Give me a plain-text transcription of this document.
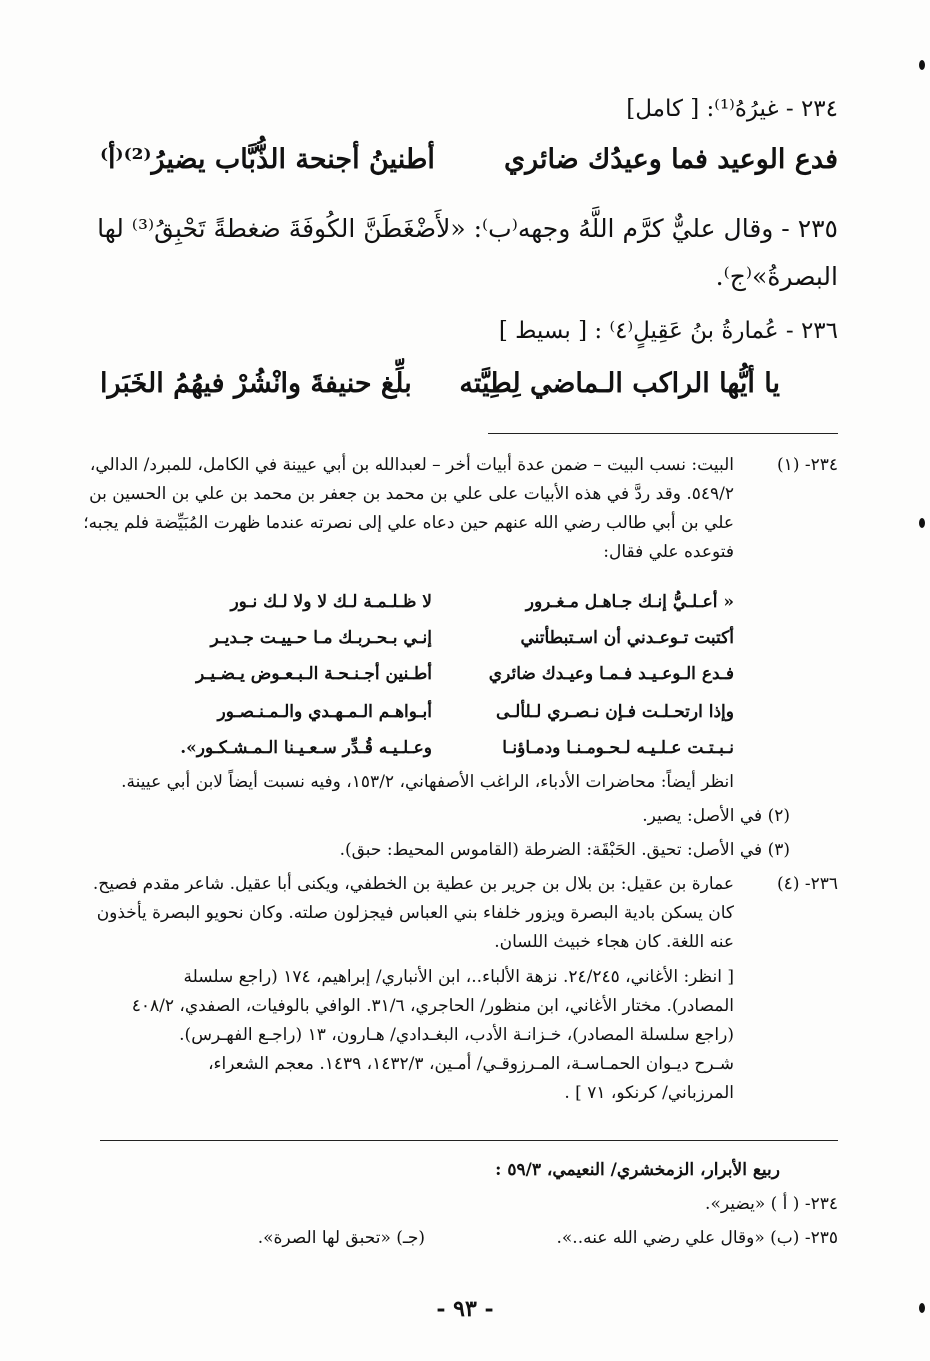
٢٣٤ - غيرُهُ⁽¹⁾: [ كامل]
فدع الوعيد فما وعيدُك ضائري
أطنينُ أجنحة الذُّبَّاب يضيرُ⁽²⁾⁽أ⁾
٢٣٥ - وقال عليٌّ كرَّم اللَّهُ وجهه⁽ب⁾: «لأَضْغَطَنَّ الكُوفَةَ ضغطةً تَحْبِقُ⁽³⁾ لها
البصرةُ»⁽ج⁾.
٢٣٦ - عُمارةُ بنُ عَقِيلٍ⁽٤⁾ : [ بسيط ]
يا أيُّها الراكب الـماضي لِطِيَّته
بلِّغ حنيفةَ وانْشُرْ فيهُمُ الخَبَرا
٢٣٤- (١)
البيت: نسب البيت – ضمن عدة أبيات أخر – لعبدالله بن أبي عيينة في الكامل، للمبرد/ الدالي،
٥٤٩/٢. وقد ردَّ في هذه الأبيات على علي بن محمد بن جعفر بن محمد بن علي بن الحسين بن
علي بن أبي طالب رضي الله عنهم حين دعاه علي إلى نصرته عندما ظهرت المُبَيِّضة فلم يجبه؛
فتوعده علي فقال:
« أعـلـيُّ إنـك جـاهـل مـغـرور
لا ظـلـمـة لـك لا ولا لـك نـور
أكتبت تـوعـدني أن اسـتبطأتني
إنـي بـحـربـك مـا حـييـت جـديـر
فـدع الـوعـيـد فـمـا وعيـدك ضائري
أطـنين أجـنـحـة الـبـعـوض يـضـيـر
وإذا ارتحـلـت فـإن نـصـري لـلألـى
أبـواهـم الـمـهـدي والـمـنـصـور
نـبـتـت عـلـيـه لـحـومـنـا ودمـاؤنـا
وعـلـيـه قُـدِّر سـعـيـنا الـمـشـكـور».
انظر أيضاً: محاضرات الأدباء، الراغب الأصفهاني، ١٥٣/٢، وفيه نسبت أيضاً لابن أبي عيينة.
(٢) في الأصل: يصير.
(٣) في الأصل: تحيق. الحَبْقَة: الضرطة (القاموس المحيط: حبق).
٢٣٦- (٤)
عمارة بن عقيل: بن بلال بن جرير بن عطية بن الخطفي، ويكنى أبا عقيل. شاعر مقدم فصيح.
كان يسكن بادية البصرة ويزور خلفاء بني العباس فيجزلون صلته. وكان نحويو البصرة يأخذون
عنه اللغة. كان هجاء خبيث اللسان.
[ انظر: الأغاني، ٢٤/٢٤٥. نزهة الألباء..، ابن الأنباري/ إبراهيم، ١٧٤ (راجع سلسلة
المصادر). مختار الأغاني، ابن منظور/ الحاجري، ٣١/٦. الوافي بالوفيات، الصفدي، ٤٠٨/٢
(راجع سلسلة المصادر)، خـزانـة الأدب، البغـدادي/ هـارون، ١٣ (راجـع الفهـرس).
شـرح ديـوان الحمـاسـة، المـرزوقـي/ أمـين، ١٤٣٢/٣، ١٤٣٩. معجم الشعراء،
المرزباني/ كرنكو، ٧١ ] .
ربيع الأبرار، الزمخشري/ النعيمي، ٥٩/٣ :
٢٣٤- ( أ ) «يضير».
٢٣٥- (ب) «وقال علي رضي الله عنه..».
(جـ) «تحبق لها الصرة».
- ٩٣ -
